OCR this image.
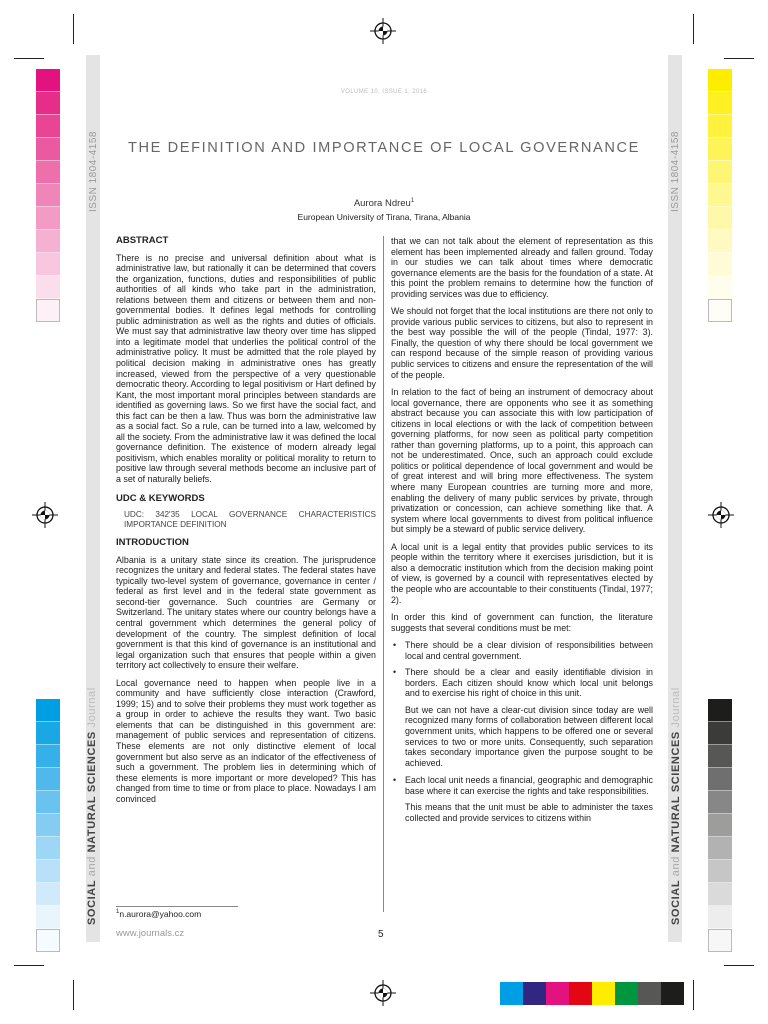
ISSN 1804-4158	ISSN 1804-4158
SOCIAL and NATURAL SCIENCES Journal
SOCIAL and NATURAL SCIENCES Journal
VOLUME 10, ISSUE 1, 2016
THE DEFINITION AND IMPORTANCE OF LOCAL GOVERNANCE
Aurora Ndreu$^1$
European University of Tirana, Tirana, Albania
ABSTRACT

There is no precise and universal definition about what is administrative law, but rationally it can be determined that covers the organization, functions, duties and responsibilities of public authorities of all kinds who take part in the administration, relations between them and citizens or between them and non-governmental bodies. It defines legal methods for controlling public administration as well as the rights and duties of officials. We must say that administrative law theory over time has slipped into a legitimate model that underlies the political control of the administrative policy. It must be admitted that the role played by political decision making in administrative ones has greatly increased, viewed from the perspective of a very questionable democratic theory. According to legal positivism or Hart defined by Kant, the most important moral principles between standards are identified as governing laws. So we first have the social fact, and this fact can be then a law. Thus was born the administrative law as a social fact. So a rule, can be turned into a law, welcomed by all the society. From the administrative law it was defined the local governance definition. The existence of modern already legal positivism, which enables morality or political morality to return to positive law through several methods become an inclusive part of a set of naturally beliefs.

UDC & KEYWORDS
UDC: 342'35 LOCAL GOVERNANCE CHARACTERISTICS IMPORTANCE DEFINITION
INTRODUCTION

Albania is a unitary state since its creation. The jurisprudence recognizes the unitary and federal states. The federal states have typically two-level system of governance, governance in center / federal as first level and in the federal state government as second-tier governance. Such countries are Germany or Switzerland. The unitary states where our country belongs have a central government which determines the general policy of development of the country. The simplest definition of local government is that this kind of governance is an institutional and legal organization such that ensures that people within a given territory act collectively to ensure their welfare.

Local governance need to happen when people live in a community and have sufficiently close interaction (Crawford, 1999; 15) and to solve their problems they must work together as a group in order to achieve the results they want. Two basic elements that can be distinguished in this government are: management of public services and representation of citizens. These elements are not only distinctive element of local government but also serve as an indicator of the effectiveness of such a government. The problem lies in determining which of these elements is more important or more developed? This has changed from time to time or from place to place. Nowadays I am convinced

$^1$n.aurora@yahoo.com

that we can not talk about the element of representation as this element has been implemented already and fallen ground. Today in our studies we can talk about times where democratic governance elements are the basis for the foundation of a state. At this point the problem remains to determine how the function of providing services was due to efficiency.

We should not forget that the local institutions are there not only to provide various public services to citizens, but also to represent in the best way possible the will of the people (Tindal, 1977: 3). Finally, the question of why there should be local government we can respond because of the simple reason of providing various public services to citizens and ensure the representation of the will of the people.

In relation to the fact of being an instrument of democracy about local governance, there are opponents who see it as something abstract because you can associate this with low participation of citizens in local elections or with the lack of competition between governing platforms, for now seen as political party competition rather than governing platforms, up to a point, this approach can not be underestimated. Once, such an approach could exclude politics or political dependence of local government and would be of great interest and will bring more effectiveness. The system where many European countries are turning more and more, enabling the delivery of many public services by private, through privatization or concession, can achieve something like that. A system where local governments to divest from political influence but simply be a steward of public service delivery.

A local unit is a legal entity that provides public services to its people within the territory where it exercises jurisdiction, but it is also a democratic institution which from the decision making point of view, is governed by a council with representatives elected by the people who are accountable to their constituents (Tindal, 1977; 2).

In order this kind of government can function, the literature suggests that several conditions must be met:

• There should be a clear division of responsibilities between local and central government.
• There should be a clear and easily identifiable division in borders. Each citizen should know which local unit belongs and to exercise his right of choice in this unit.

But we can not have a clear-cut division since today are well recognized many forms of collaboration between different local government units, which happens to be offered one or several services to two or more units. Consequently, such separation takes secondary importance given the purpose sought to be achieved.

• Each local unit needs a financial, geographic and demographic base where it can exercise the rights and take responsibilities.

This means that the unit must be able to administer the taxes collected and provide services to citizens within

www.journals.cz	5
